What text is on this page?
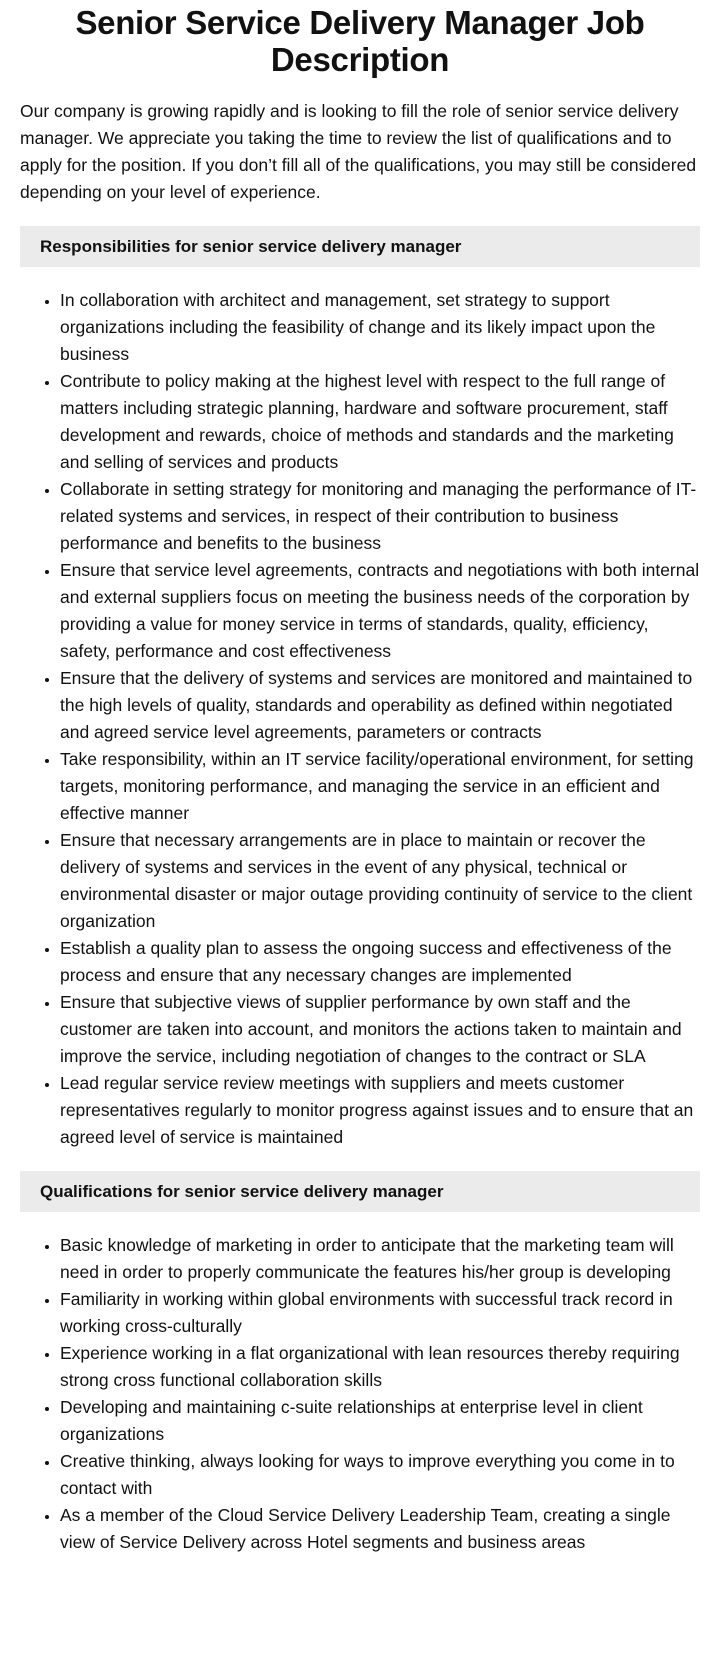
Senior Service Delivery Manager Job Description

Our company is growing rapidly and is looking to fill the role of senior service delivery manager. We appreciate you taking the time to review the list of qualifications and to apply for the position. If you don’t fill all of the qualifications, you may still be considered depending on your level of experience.

Responsibilities for senior service delivery manager
• In collaboration with architect and management, set strategy to support organizations including the feasibility of change and its likely impact upon the business
• Contribute to policy making at the highest level with respect to the full range of matters including strategic planning, hardware and software procurement, staff development and rewards, choice of methods and standards and the marketing and selling of services and products
• Collaborate in setting strategy for monitoring and managing the performance of IT-related systems and services, in respect of their contribution to business performance and benefits to the business
• Ensure that service level agreements, contracts and negotiations with both internal and external suppliers focus on meeting the business needs of the corporation by providing a value for money service in terms of standards, quality, efficiency, safety, performance and cost effectiveness
• Ensure that the delivery of systems and services are monitored and maintained to the high levels of quality, standards and operability as defined within negotiated and agreed service level agreements, parameters or contracts
• Take responsibility, within an IT service facility/operational environment, for setting targets, monitoring performance, and managing the service in an efficient and effective manner
• Ensure that necessary arrangements are in place to maintain or recover the delivery of systems and services in the event of any physical, technical or environmental disaster or major outage providing continuity of service to the client organization
• Establish a quality plan to assess the ongoing success and effectiveness of the process and ensure that any necessary changes are implemented
• Ensure that subjective views of supplier performance by own staff and the customer are taken into account, and monitors the actions taken to maintain and improve the service, including negotiation of changes to the contract or SLA
• Lead regular service review meetings with suppliers and meets customer representatives regularly to monitor progress against issues and to ensure that an agreed level of service is maintained
Qualifications for senior service delivery manager
• Basic knowledge of marketing in order to anticipate that the marketing team will need in order to properly communicate the features his/her group is developing
• Familiarity in working within global environments with successful track record in working cross-culturally
• Experience working in a flat organizational with lean resources thereby requiring strong cross functional collaboration skills
• Developing and maintaining c-suite relationships at enterprise level in client organizations
• Creative thinking, always looking for ways to improve everything you come in to contact with
• As a member of the Cloud Service Delivery Leadership Team, creating a single view of Service Delivery across Hotel segments and business areas
